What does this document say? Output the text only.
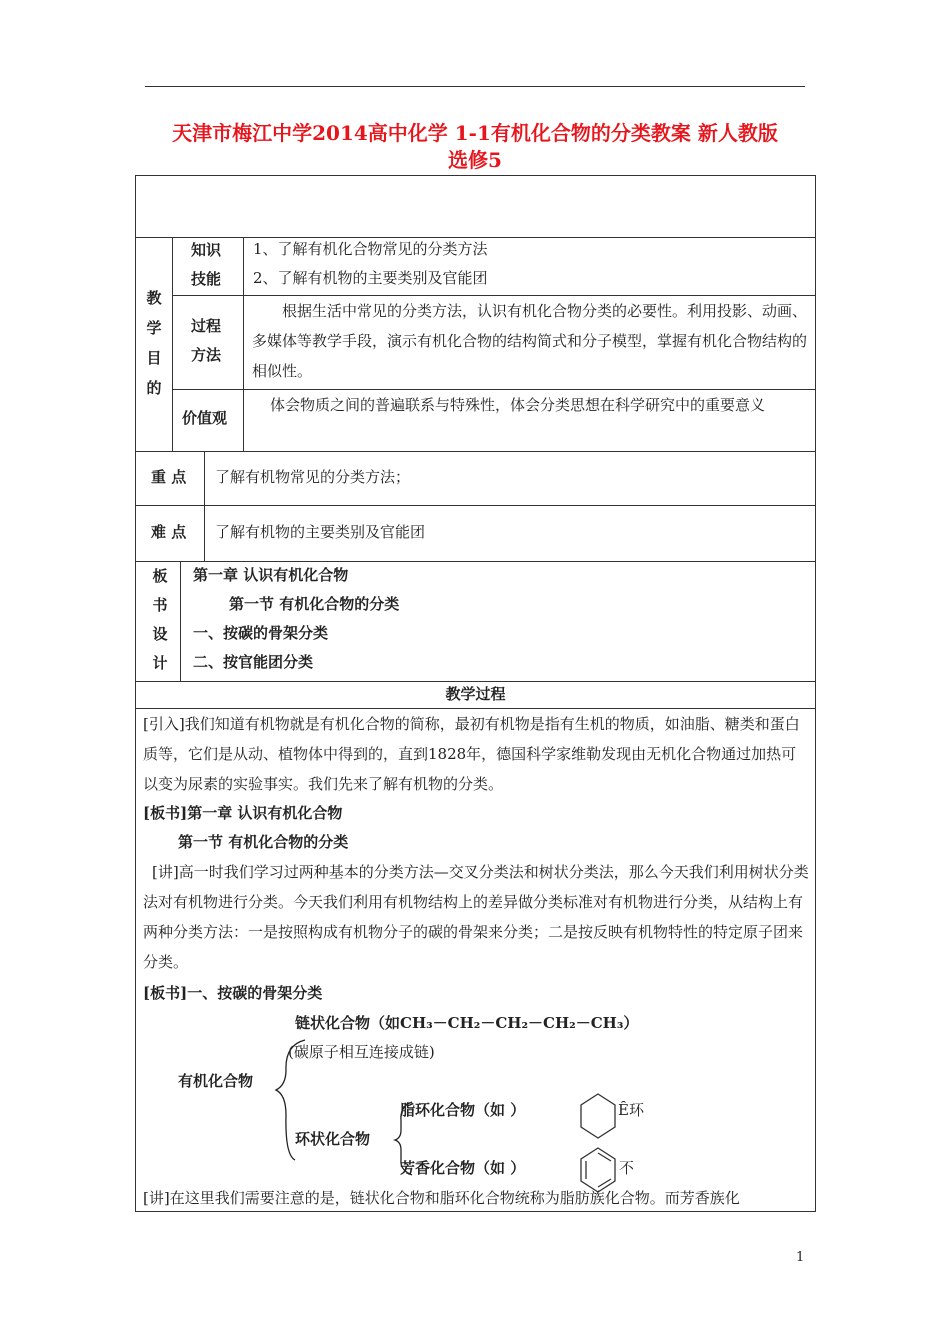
天津市梅江中学2014高中化学 1-1有机化合物的分类教案 新人教版
选修5
教
学
目
的
知识
技能
1、了解有机化合物常见的分类方法
2、了解有机物的主要类别及官能团
过程
方法
根据生活中常见的分类方法，认识有机化合物分类的必要性。利用投影、动画、多媒体等教学手段，演示有机化合物的结构简式和分子模型，掌握有机化合物结构的相似性。
价值观
体会物质之间的普遍联系与特殊性，体会分类思想在科学研究中的重要意义
重 点 了解有机物常见的分类方法；
难 点 了解有机物的主要类别及官能团
板
书
设
计
第一章 认识有机化合物
第一节 有机化合物的分类
一、按碳的骨架分类
二、按官能团分类
教学过程
[引入]我们知道有机物就是有机化合物的简称，最初有机物是指有生机的物质，如油脂、糖类和蛋白质等，它们是从动、植物体中得到的，直到1828年，德国科学家维勒发现由无机化合物通过加热可以变为尿素的实验事实。我们先来了解有机物的分类。
[板书]第一章 认识有机化合物
第一节 有机化合物的分类
[讲]高一时我们学习过两种基本的分类方法—交叉分类法和树状分类法，那么今天我们利用树状分类法对有机物进行分类。今天我们利用有机物结构上的差异做分类标准对有机物进行分类，从结构上有两种分类方法：一是按照构成有机物分子的碳的骨架来分类；二是按反映有机物特性的特定原子团来分类。
[板书]一、按碳的骨架分类
有机化合物
链状化合物（如CH₃－CH₂－CH₂－CH₂－CH₃）
(碳原子相互连接成链)
环状化合物
脂环化合物（如 ）	Ȇ环
芳香化合物（如 ）	不
[讲]在这里我们需要注意的是，链状化合物和脂环化合物统称为脂肪族化合物。而芳香族化
1
